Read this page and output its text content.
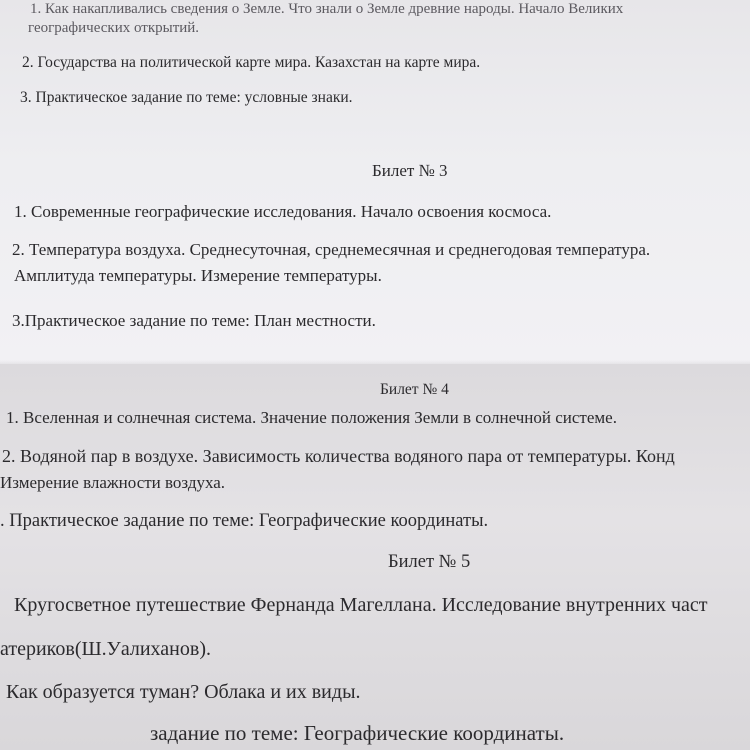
1. Как накапливались сведения о Земле. Что знали о Земле древние народы. Начало Великих
географических открытий.
2. Государства на политической карте мира. Казахстан на карте мира.
3. Практическое задание по теме: условные знаки.
Билет № 3
1. Современные географические исследования. Начало освоения космоса.
2. Температура воздуха. Среднесуточная, среднемесячная и среднегодовая температура.
Амплитуда температуры. Измерение температуры.
3.Практическое задание по теме: План местности.
Билет № 4
1. Вселенная и солнечная система. Значение положения Земли в солнечной системе.
2. Водяной пар в воздухе. Зависимость количества водяного пара от температуры. Конд
Измерение влажности воздуха.
. Практическое задание по теме: Географические координаты.
Билет № 5
Кругосветное путешествие Фернанда Магеллана. Исследование внутренних част
атериков(Ш.Уалиханов).
Как образуется туман? Облака и их виды.
задание по теме: Географические координаты.
